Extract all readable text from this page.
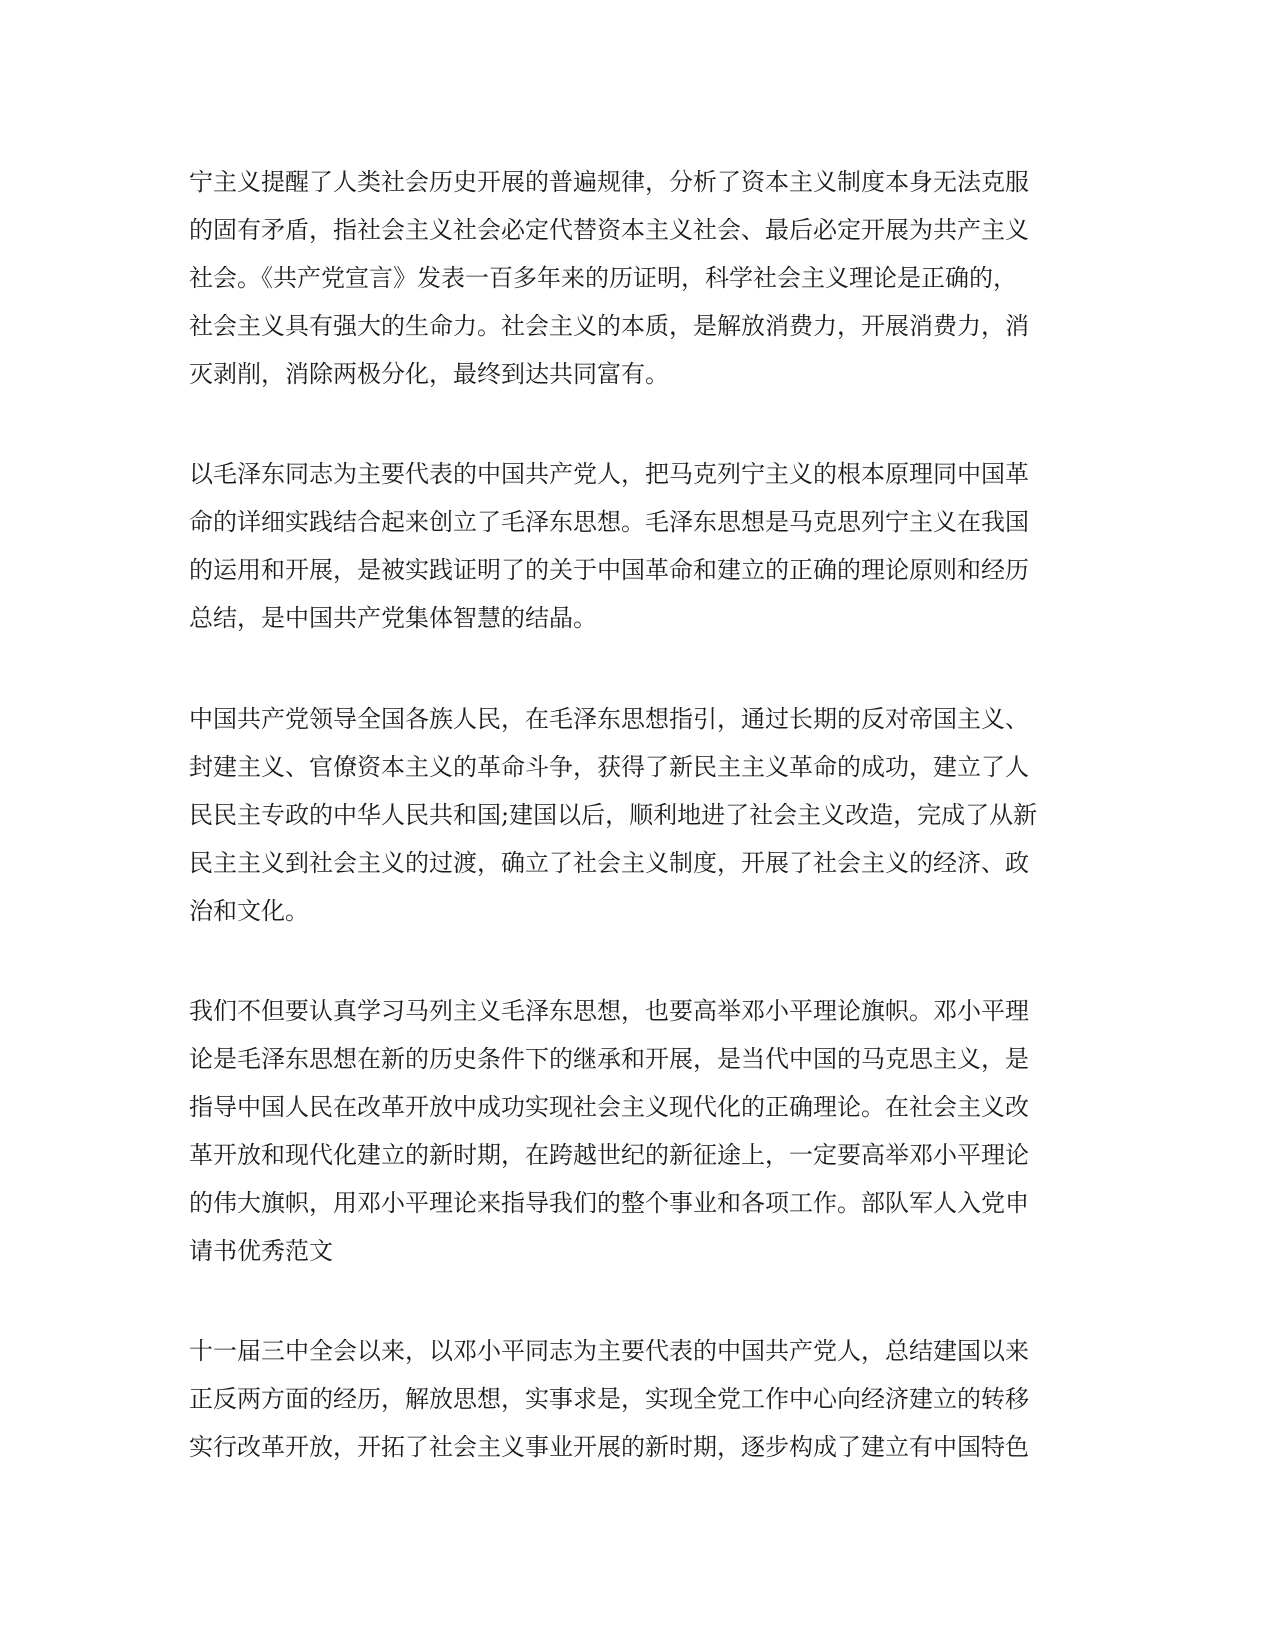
宁主义提醒了人类社会历史开展的普遍规律，分析了资本主义制度本身无法克服
的固有矛盾，指社会主义社会必定代替资本主义社会、最后必定开展为共产主义
社会。《共产党宣言》发表一百多年来的历证明，科学社会主义理论是正确的，
社会主义具有强大的生命力。社会主义的本质，是解放消费力，开展消费力，消
灭剥削，消除两极分化，最终到达共同富有。
以毛泽东同志为主要代表的中国共产党人，把马克列宁主义的根本原理同中国革
命的详细实践结合起来创立了毛泽东思想。毛泽东思想是马克思列宁主义在我国
的运用和开展，是被实践证明了的关于中国革命和建立的正确的理论原则和经历
总结，是中国共产党集体智慧的结晶。
中国共产党领导全国各族人民，在毛泽东思想指引，通过长期的反对帝国主义、
封建主义、官僚资本主义的革命斗争，获得了新民主主义革命的成功，建立了人
民民主专政的中华人民共和国;建国以后，顺利地进了社会主义改造，完成了从新
民主主义到社会主义的过渡，确立了社会主义制度，开展了社会主义的经济、政
治和文化。
我们不但要认真学习马列主义毛泽东思想，也要高举邓小平理论旗帜。邓小平理
论是毛泽东思想在新的历史条件下的继承和开展，是当代中国的马克思主义，是
指导中国人民在改革开放中成功实现社会主义现代化的正确理论。在社会主义改
革开放和现代化建立的新时期，在跨越世纪的新征途上，一定要高举邓小平理论
的伟大旗帜，用邓小平理论来指导我们的整个事业和各项工作。部队军人入党申
请书优秀范文
十一届三中全会以来，以邓小平同志为主要代表的中国共产党人，总结建国以来
正反两方面的经历，解放思想，实事求是，实现全党工作中心向经济建立的转移
实行改革开放，开拓了社会主义事业开展的新时期，逐步构成了建立有中国特色
